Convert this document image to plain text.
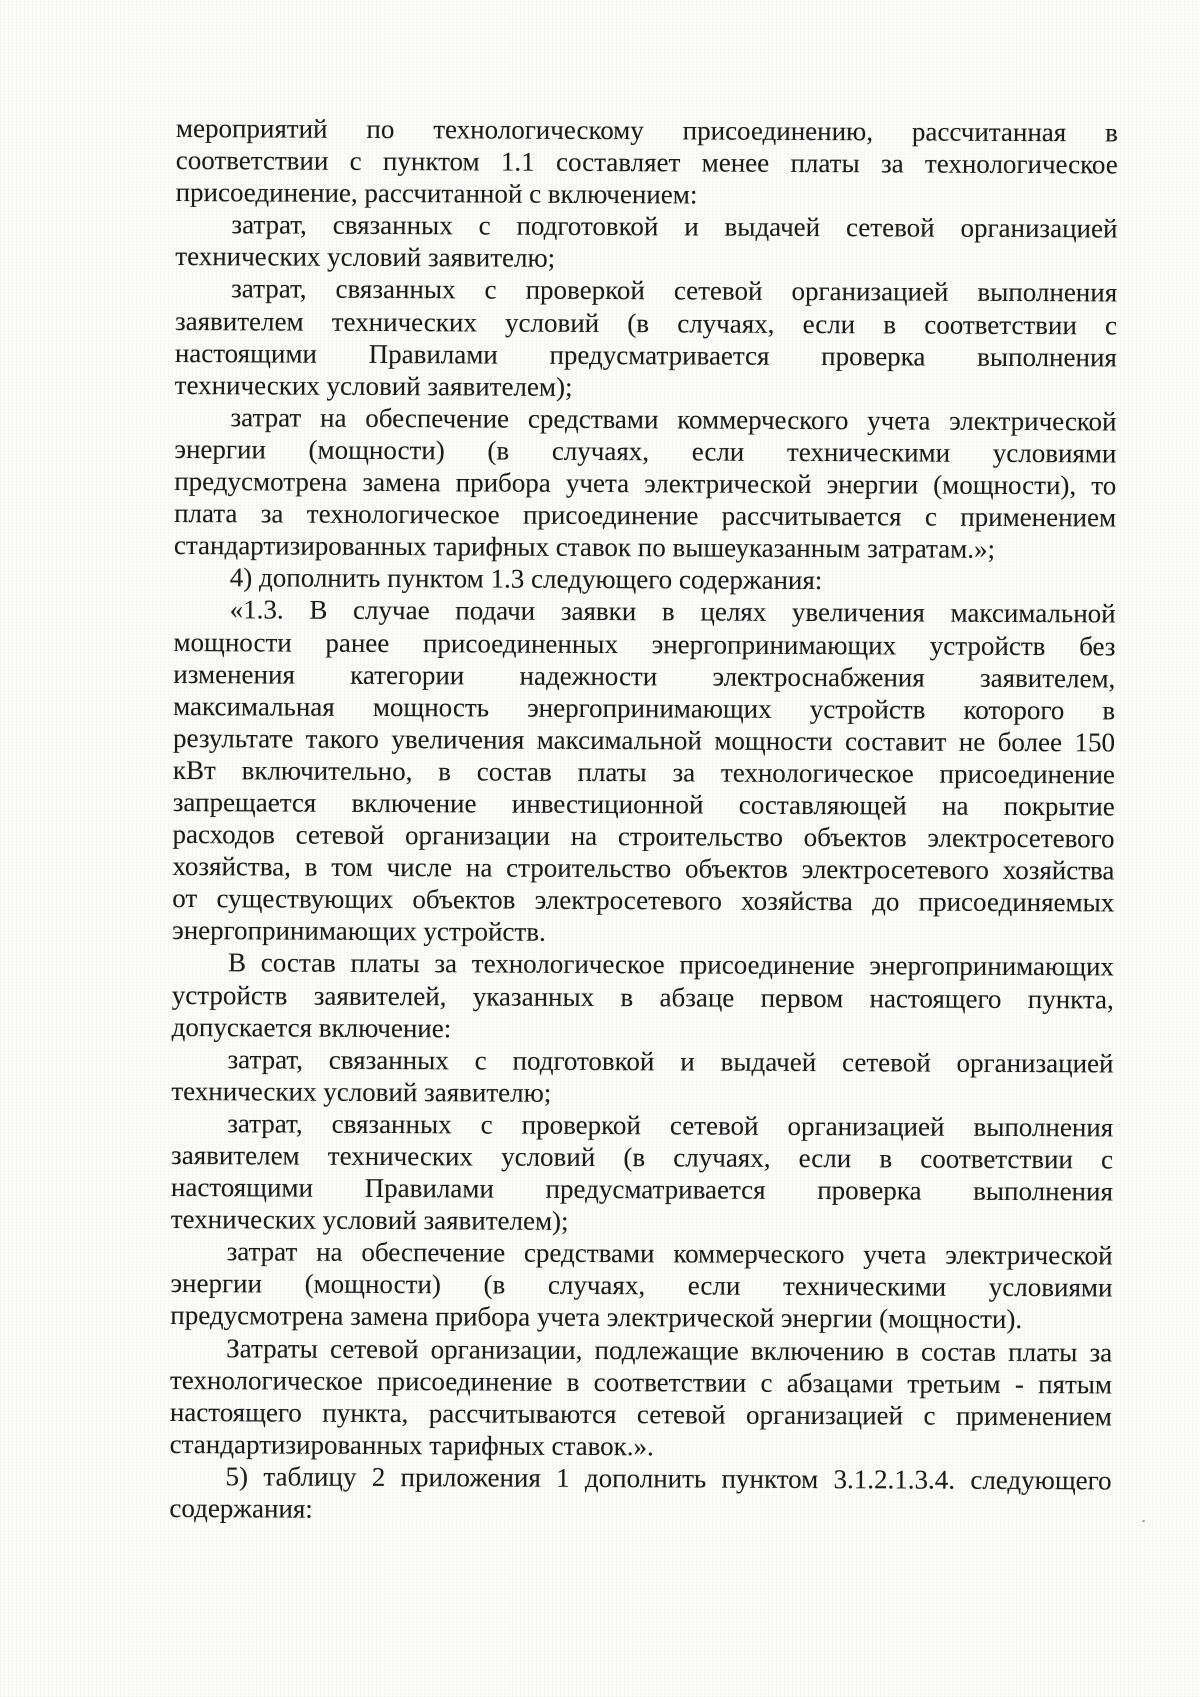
мероприятий по технологическому присоединению, рассчитанная в
соответствии с пунктом 1.1 составляет менее платы за технологическое
присоединение, рассчитанной с включением:
затрат, связанных с подготовкой и выдачей сетевой организацией
технических условий заявителю;
затрат, связанных с проверкой сетевой организацией выполнения
заявителем технических условий (в случаях, если в соответствии с
настоящими Правилами предусматривается проверка выполнения
технических условий заявителем);
затрат на обеспечение средствами коммерческого учета электрической
энергии (мощности) (в случаях, если техническими условиями
предусмотрена замена прибора учета электрической энергии (мощности), то
плата за технологическое присоединение рассчитывается с применением
стандартизированных тарифных ставок по вышеуказанным затратам.»;
4) дополнить пунктом 1.3 следующего содержания:
«1.3. В случае подачи заявки в целях увеличения максимальной
мощности ранее присоединенных энергопринимающих устройств без
изменения категории надежности электроснабжения заявителем,
максимальная мощность энергопринимающих устройств которого в
результате такого увеличения максимальной мощности составит не более 150
кВт включительно, в состав платы за технологическое присоединение
запрещается включение инвестиционной составляющей на покрытие
расходов сетевой организации на строительство объектов электросетевого
хозяйства, в том числе на строительство объектов электросетевого хозяйства
от существующих объектов электросетевого хозяйства до присоединяемых
энергопринимающих устройств.
В состав платы за технологическое присоединение энергопринимающих
устройств заявителей, указанных в абзаце первом настоящего пункта,
допускается включение:
затрат, связанных с подготовкой и выдачей сетевой организацией
технических условий заявителю;
затрат, связанных с проверкой сетевой организацией выполнения
заявителем технических условий (в случаях, если в соответствии с
настоящими Правилами предусматривается проверка выполнения
технических условий заявителем);
затрат на обеспечение средствами коммерческого учета электрической
энергии (мощности) (в случаях, если техническими условиями
предусмотрена замена прибора учета электрической энергии (мощности).
Затраты сетевой организации, подлежащие включению в состав платы за
технологическое присоединение в соответствии с абзацами третьим - пятым
настоящего пункта, рассчитываются сетевой организацией с применением
стандартизированных тарифных ставок.».
5) таблицу 2 приложения 1 дополнить пунктом 3.1.2.1.3.4. следующего
содержания:
